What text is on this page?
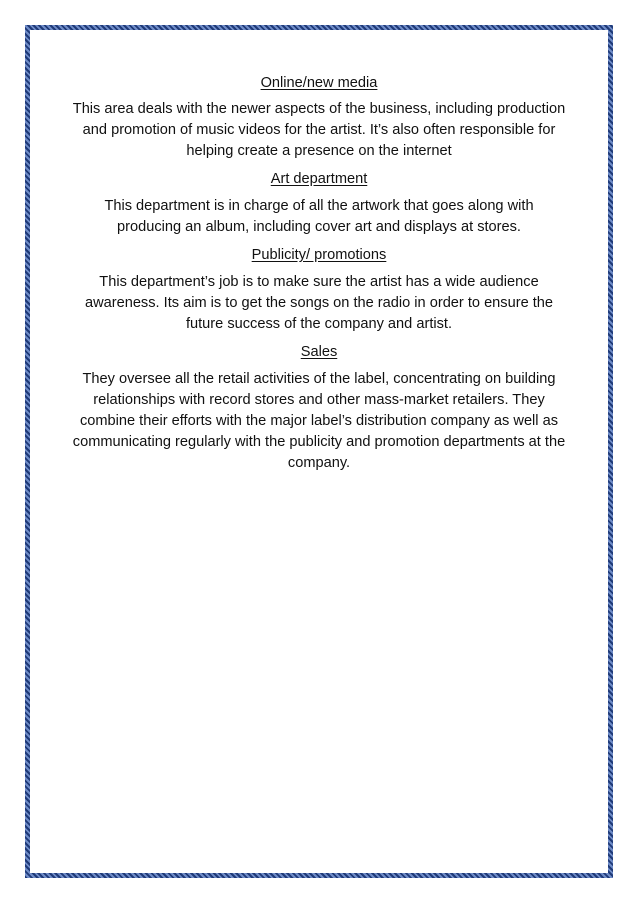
Online/new media

This area deals with the newer aspects of the business, including production and promotion of music videos for the artist. It’s also often responsible for helping create a presence on the internet

Art department

This department is in charge of all the artwork that goes along with producing an album, including cover art and displays at stores.

Publicity/ promotions

This department’s job is to make sure the artist has a wide audience awareness. Its aim is to get the songs on the radio in order to ensure the future success of the company and artist.

Sales

They oversee all the retail activities of the label, concentrating on building relationships with record stores and other mass-market retailers. They combine their efforts with the major label’s distribution company as well as communicating regularly with the publicity and promotion departments at the company.
